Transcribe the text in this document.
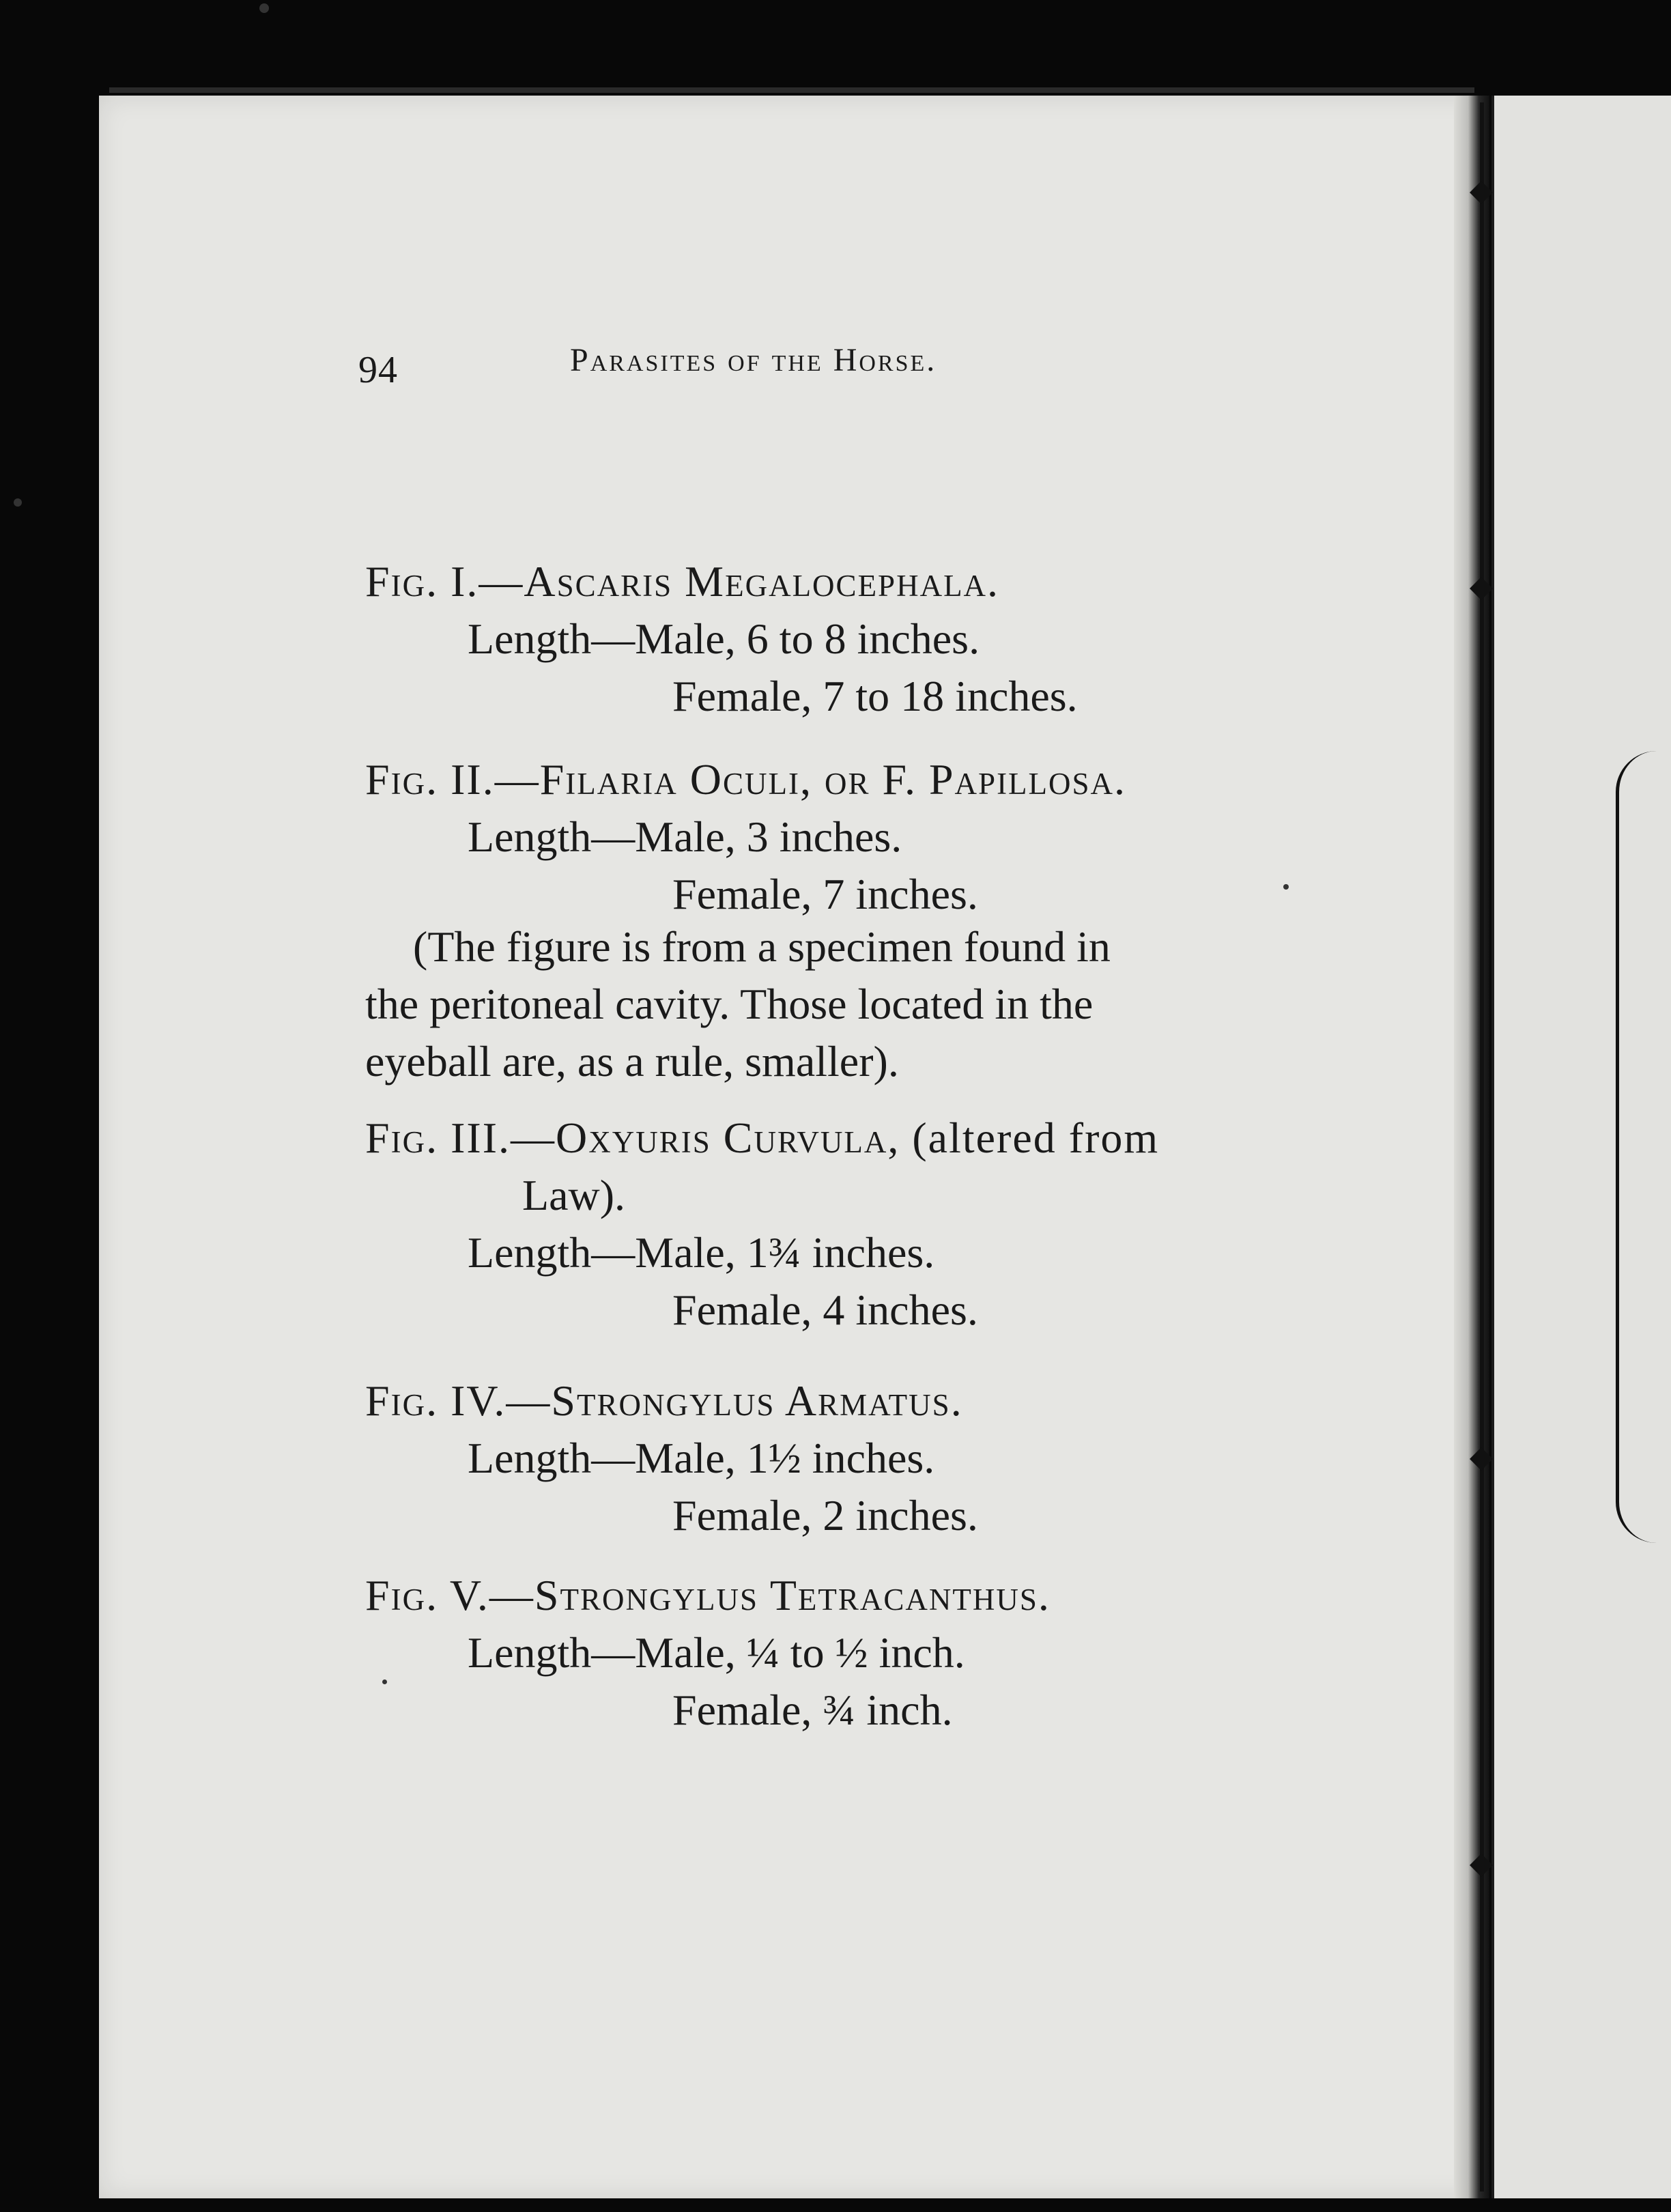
94	Parasites of the Horse.
Fig. I.—Ascaris Megalocephala.
Length—Male, 6 to 8 inches.
Female, 7 to 18 inches.
Fig. II.—Filaria Oculi, or F. Papillosa.
Length—Male, 3 inches.
Female, 7 inches.
(The figure is from a specimen found in
the peritoneal cavity. Those located in the
eyeball are, as a rule, smaller).
Fig. III.—Oxyuris Curvula, (altered from
Law).
Length—Male, 1¾ inches.
Female, 4 inches.
Fig. IV.—Strongylus Armatus.
Length—Male, 1½ inches.
Female, 2 inches.
Fig. V.—Strongylus Tetracanthus.
Length—Male, ¼ to ½ inch.
Female, ¾ inch.
